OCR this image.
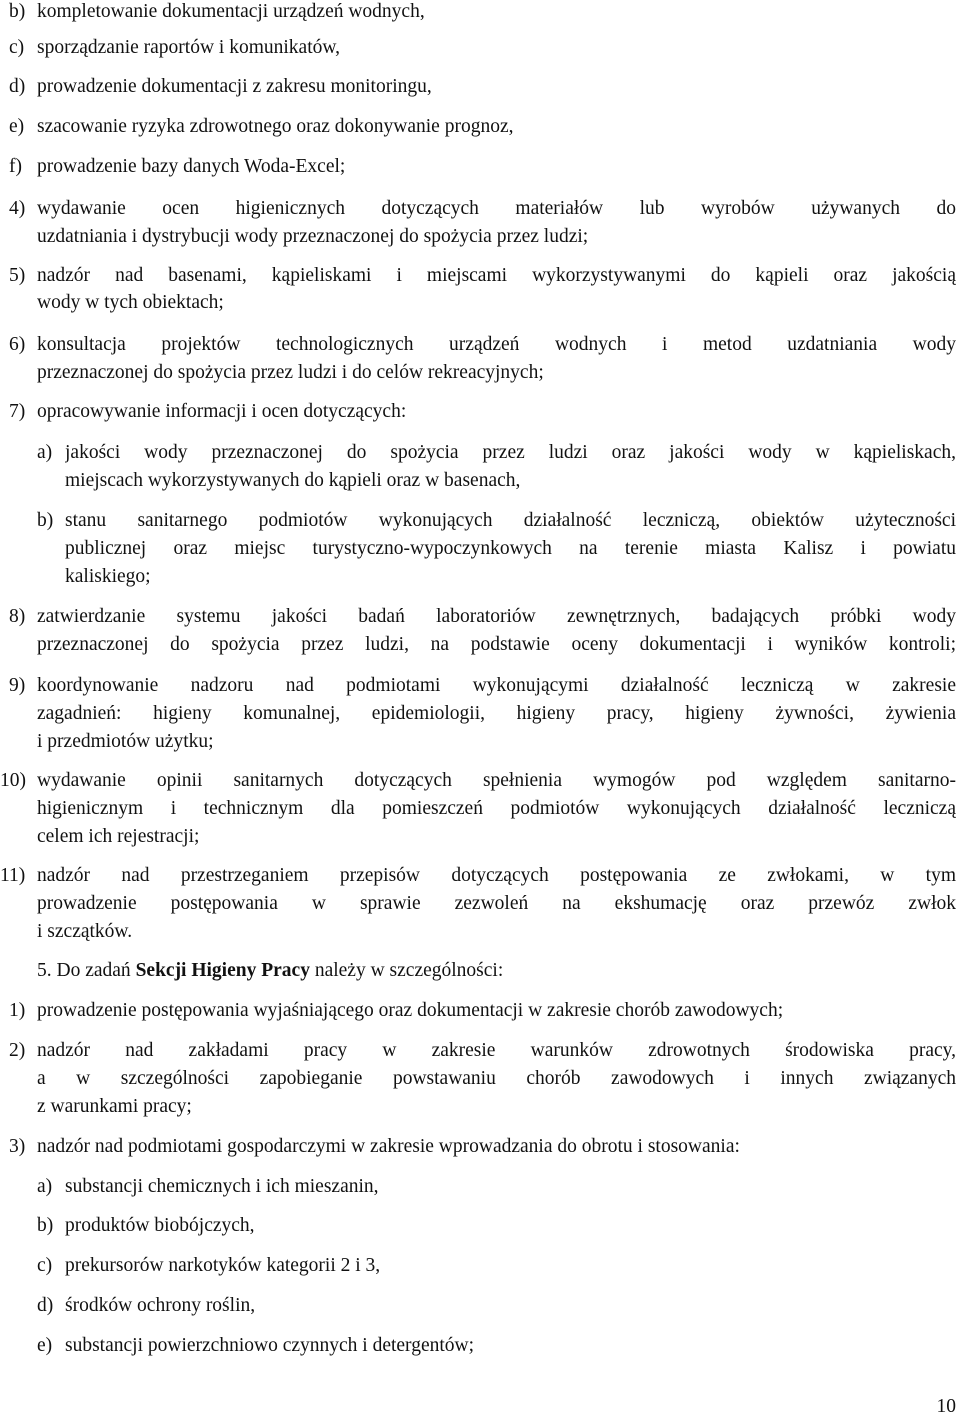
b) kompletowanie dokumentacji urządzeń wodnych,
c) sporządzanie raportów i komunikatów,
d) prowadzenie dokumentacji z zakresu monitoringu,
e) szacowanie ryzyka zdrowotnego oraz dokonywanie prognoz,
f) prowadzenie bazy danych Woda-Excel;
4) wydawanie ocen higienicznych dotyczących materiałów lub wyrobów używanych do
uzdatniania i dystrybucji wody przeznaczonej do spożycia przez ludzi;
5) nadzór nad basenami, kąpieliskami i miejscami wykorzystywanymi do kąpieli oraz jakością
wody w tych obiektach;
6) konsultacja projektów technologicznych urządzeń wodnych i metod uzdatniania wody
przeznaczonej do spożycia przez ludzi i do celów rekreacyjnych;
7) opracowywanie informacji i ocen dotyczących:
a) jakości wody przeznaczonej do spożycia przez ludzi oraz jakości wody w kąpieliskach,
miejscach wykorzystywanych do kąpieli oraz w basenach,
b) stanu sanitarnego podmiotów wykonujących działalność leczniczą, obiektów użyteczności
publicznej oraz miejsc turystyczno-wypoczynkowych na terenie miasta Kalisz i powiatu
kaliskiego;
8) zatwierdzanie systemu jakości badań laboratoriów zewnętrznych, badających próbki wody
przeznaczonej do spożycia przez ludzi, na podstawie oceny dokumentacji i wyników kontroli;
9) koordynowanie nadzoru nad podmiotami wykonującymi działalność leczniczą w zakresie
zagadnień: higieny komunalnej, epidemiologii, higieny pracy, higieny żywności, żywienia
i przedmiotów użytku;
10) wydawanie opinii sanitarnych dotyczących spełnienia wymogów pod względem sanitarno-
higienicznym i technicznym dla pomieszczeń podmiotów wykonujących działalność leczniczą
celem ich rejestracji;
11) nadzór nad przestrzeganiem przepisów dotyczących postępowania ze zwłokami, w tym
prowadzenie postępowania w sprawie zezwoleń na ekshumację oraz przewóz zwłok
i szczątków.
5. Do zadań Sekcji Higieny Pracy należy w szczególności:
1) prowadzenie postępowania wyjaśniającego oraz dokumentacji w zakresie chorób zawodowych;
2) nadzór nad zakładami pracy w zakresie warunków zdrowotnych środowiska pracy,
a w szczególności zapobieganie powstawaniu chorób zawodowych i innych związanych
z warunkami pracy;
3) nadzór nad podmiotami gospodarczymi w zakresie wprowadzania do obrotu i stosowania:
a) substancji chemicznych i ich mieszanin,
b) produktów biobójczych,
c) prekursorów narkotyków kategorii 2 i 3,
d) środków ochrony roślin,
e) substancji powierzchniowo czynnych i detergentów;
10
